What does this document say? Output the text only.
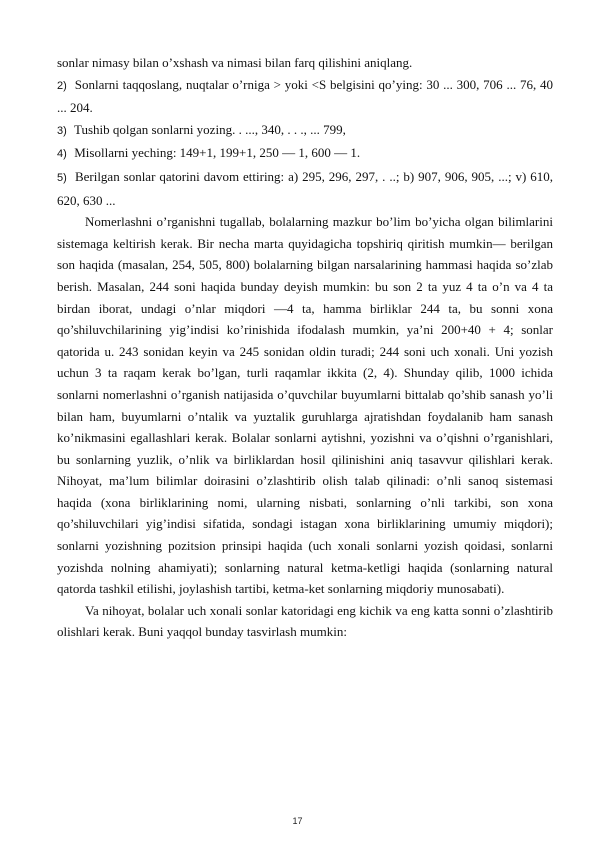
sonlar nimasy bilan o’xshash va nimasi bilan farq qilishini aniqlang.

2) Sonlarni taqqoslang, nuqtalar o’rniga > yoki <S belgisini qo’ying: 30 ... 300, 706 ... 76, 40 ... 204.

3) Tushib qolgan sonlarni yozing. . ..., 340, . . ., ... 799,

4) Misollarni yeching: 149+1, 199+1, 250 — 1, 600 — 1.

5) Berilgan sonlar qatorini davom ettiring: a) 295, 296, 297, . ..; b) 907, 906, 905, ...; v) 610, 620, 630 ...

Nomerlashni o’rganishni tugallab, bolalarning mazkur bo’lim bo’yicha olgan bilimlarini sistemaga keltirish kerak. Bir necha marta quyidagicha topshiriq qiritish mumkin— berilgan son haqida (masalan, 254, 505, 800) bolalarning bilgan narsalarining hammasi haqida so’zlab berish. Masalan, 244 soni haqida bunday deyish mumkin: bu son 2 ta yuz 4 ta o’n va 4 ta birdan iborat, undagi o’nlar miqdori —4 ta, hamma birliklar 244 ta, bu sonni xona qo’shiluvchilarining yig’indisi ko’rinishida ifodalash mumkin, ya’ni 200+40 + 4; sonlar qatorida u. 243 sonidan keyin va 245 sonidan oldin turadi; 244 soni uch xonali. Uni yozish uchun 3 ta raqam kerak bo’lgan, turli raqamlar ikkita (2, 4). Shunday qilib, 1000 ichida sonlarni nomerlashni o’rganish natijasida o’quvchilar buyumlarni bittalab qo’shib sanash yo’li bilan ham, buyumlarni o’ntalik va yuztalik guruhlarga ajratishdan foydalanib ham sanash ko’nikmasini egallashlari kerak. Bolalar sonlarni aytishni, yozishni va o’qishni o’rganishlari, bu sonlarning yuzlik, o’nlik va birliklardan hosil qilinishini aniq tasavvur qilishlari kerak. Nihoyat, ma’lum bilimlar doirasini o’zlashtirib olish talab qilinadi: o’nli sanoq sistemasi haqida (xona birliklarining nomi, ularning nisbati, sonlarning o’nli tarkibi, son xona qo’shiluvchilari yig’indisi sifatida, sondagi istagan xona birliklarining umumiy miqdori); sonlarni yozishning pozitsion prinsipi haqida (uch xonali sonlarni yozish qoidasi, sonlarni yozishda nolning ahamiyati); sonlarning natural ketma-ketligi haqida (sonlarning natural qatorda tashkil etilishi, joylashish tartibi, ketma-ket sonlarning miqdoriy munosabati).

Va nihoyat, bolalar uch xonali sonlar katoridagi eng kichik va eng katta sonni o’zlashtirib olishlari kerak. Buni yaqqol bunday tasvirlash mumkin:

17
